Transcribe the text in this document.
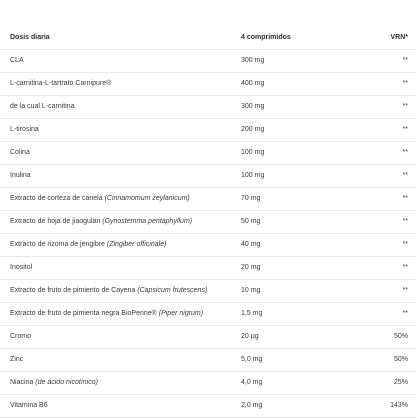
Dosis diaria	4 comprimidos	VRN*
CLA	300 mg	**
L-carnitina-L-tartrato Carnipure®	400 mg	**
de la cual L-carnitina	300 mg	**
L-tirosina	200 mg	**
Colina	100 mg	**
Inulina	100 mg	**
Extracto de corteza de canela (Cinnamomum zeylanicum)	70 mg	**
Extracto de hoja de jiaogulan (Gynostemma pentaphyllum)	50 mg	**
Extracto de rizoma de jengibre (Zingiber officinale)	40 mg	**
Inositol	20 mg	**
Extracto de fruto de pimiento de Cayena (Capsicum frutescens)	10 mg	**
Extracto de fruto de pimienta negra BioPerine® (Piper nigrum)	1,5 mg	**
Cromo	20 µg	50%
Zinc	5,0 mg	50%
Niacina (de ácido nicotínico)	4,0 mg	25%
Vitamina B6	2,0 mg	143%
